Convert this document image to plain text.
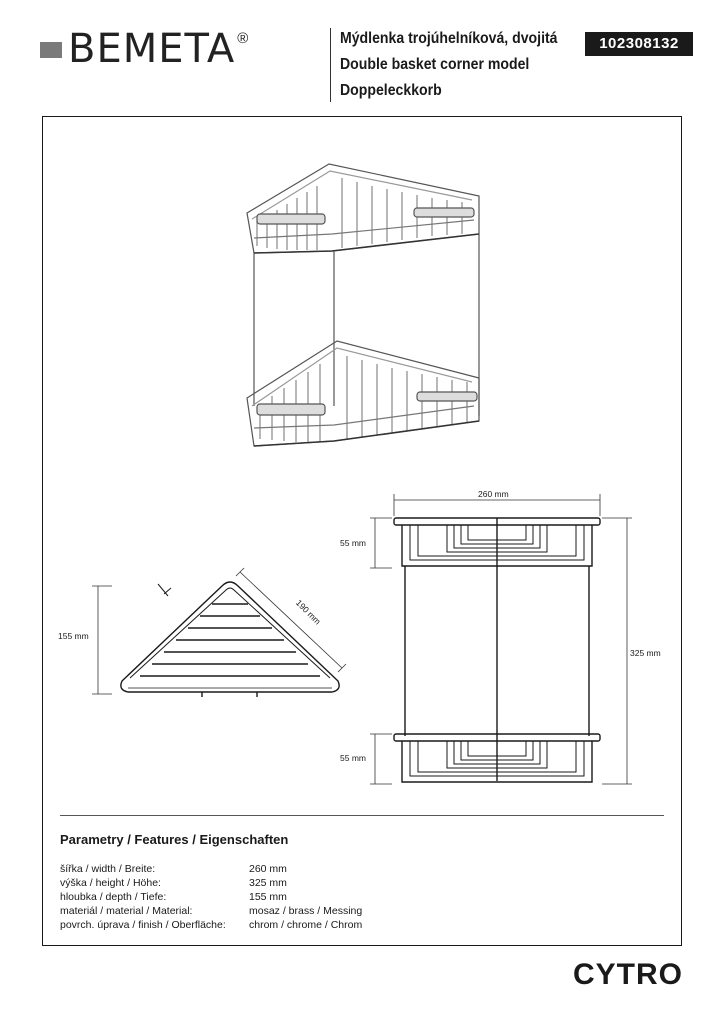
BEMETA ®	Mýdlenka trojúhelníková, dvojitá
Double basket corner model
Doppeleckkorb
102308132
155 mm
190 mm
260 mm
55 mm
325 mm
55 mm
Parametry / Features / Eigenschaften
šířka / width / Breite:	260 mm
výška / height / Höhe:	325 mm
hloubka / depth / Tiefe:	155 mm
materiál / material / Material:	mosaz / brass / Messing
povrch. úprava / finish / Oberfläche:	chrom / chrome / Chrom
CYTRO
